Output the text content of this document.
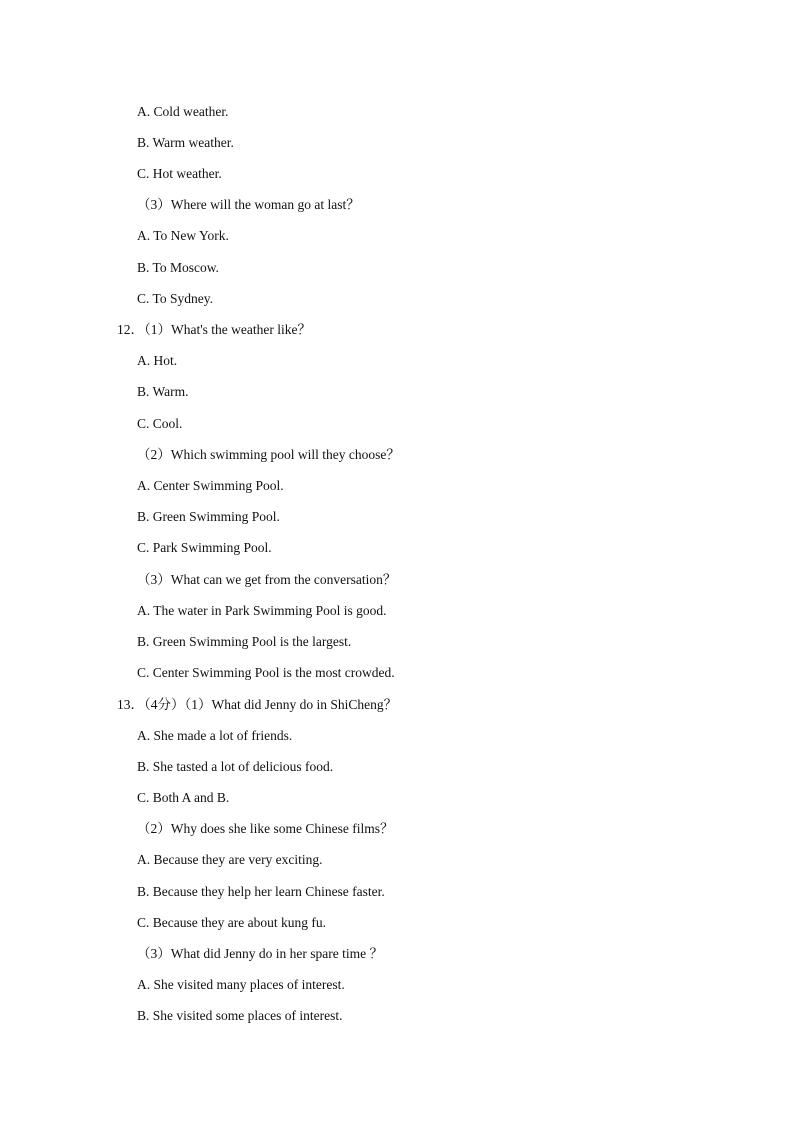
A. Cold weather.
B. Warm weather.
C. Hot weather.
（3）Where will the woman go at last？
A. To New York.
B. To Moscow.
C. To Sydney.
12．（1）What's the weather like？
A. Hot.
B. Warm.
C. Cool.
（2）Which swimming pool will they choose？
A. Center Swimming Pool.
B. Green Swimming Pool.
C. Park Swimming Pool.
（3）What can we get from the conversation？
A. The water in Park Swimming Pool is good.
B. Green Swimming Pool is the largest.
C. Center Swimming Pool is the most crowded.
13．（4分）（1）What did Jenny do in ShiCheng？
A. She made a lot of friends.
B. She tasted a lot of delicious food.
C. Both A and B.
（2）Why does she like some Chinese films？
A. Because they are very exciting.
B. Because they help her learn Chinese faster.
C. Because they are about kung fu.
（3）What did Jenny do in her spare time ？
A. She visited many places of interest.
B. She visited some places of interest.
